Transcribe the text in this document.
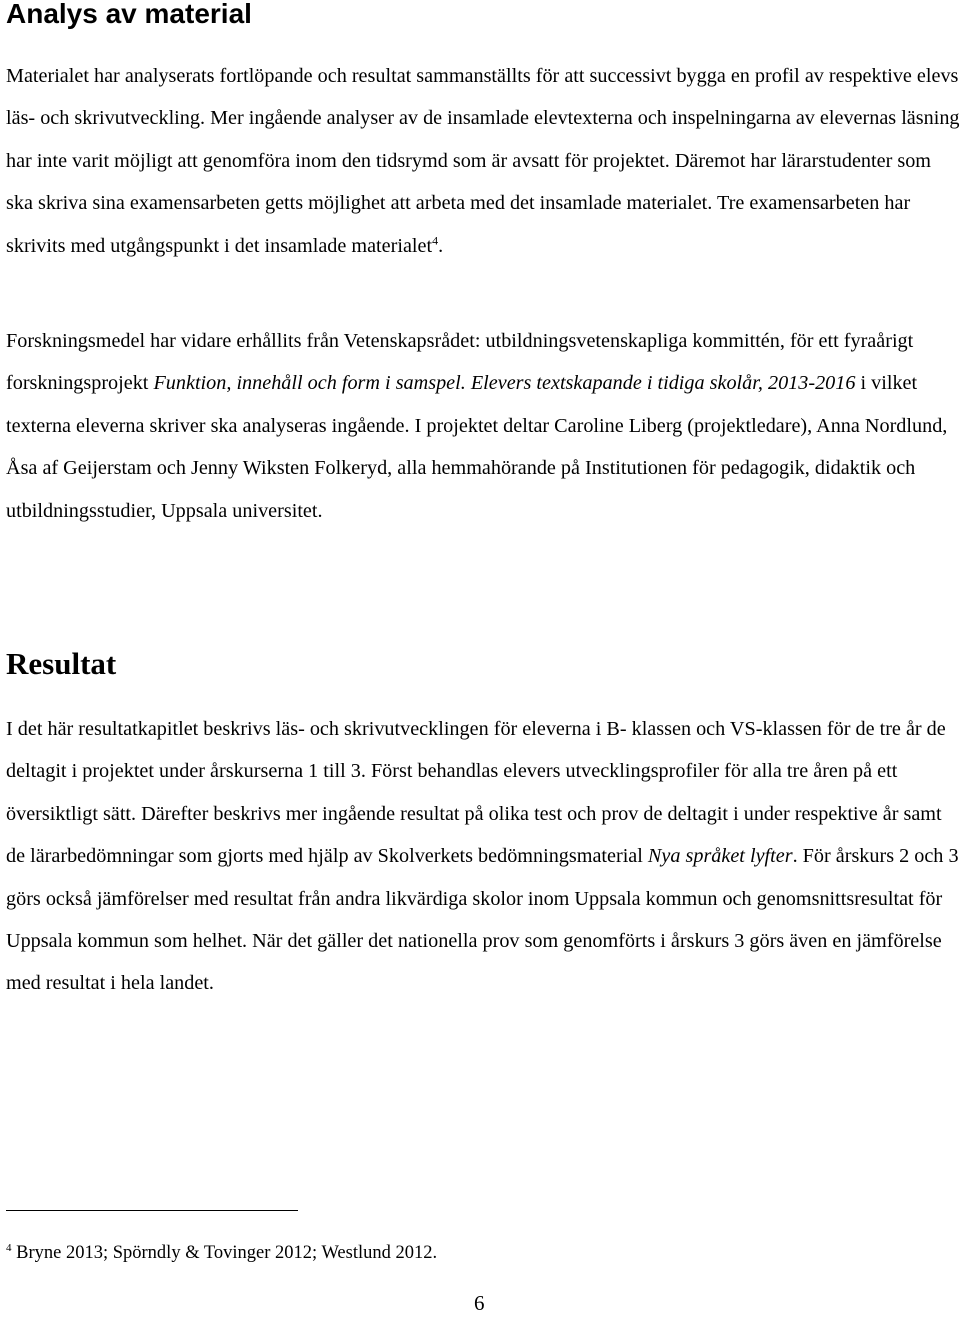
Analys av material

Materialet har analyserats fortlöpande och resultat sammanställts för att successivt bygga en profil av respektive elevs läs- och skrivutveckling. Mer ingående analyser av de insamlade elevtexterna och inspelningarna av elevernas läsning har inte varit möjligt att genomföra inom den tidsrymd som är avsatt för projektet. Däremot har lärarstudenter som ska skriva sina examensarbeten getts möjlighet att arbeta med det insamlade materialet. Tre examensarbeten har skrivits med utgångspunkt i det insamlade materialet$^4$.

Forskningsmedel har vidare erhållits från Vetenskapsrådet: utbildningsvetenskapliga kommittén, för ett fyraårigt forskningsprojekt Funktion, innehåll och form i samspel. Elevers textskapande i tidiga skolår, 2013-2016 i vilket texterna eleverna skriver ska analyseras ingående. I projektet deltar Caroline Liberg (projektledare), Anna Nordlund, Åsa af Geijerstam och Jenny Wiksten Folkeryd, alla hemmahörande på Institutionen för pedagogik, didaktik och utbildningsstudier, Uppsala universitet.

Resultat

I det här resultatkapitlet beskrivs läs- och skrivutvecklingen för eleverna i B- klassen och VS-klassen för de tre år de deltagit i projektet under årskurserna 1 till 3. Först behandlas elevers utvecklingsprofiler för alla tre åren på ett översiktligt sätt. Därefter beskrivs mer ingående resultat på olika test och prov de deltagit i under respektive år samt de lärarbedömningar som gjorts med hjälp av Skolverkets bedömningsmaterial Nya språket lyfter. För årskurs 2 och 3 görs också jämförelser med resultat från andra likvärdiga skolor inom Uppsala kommun och genomsnittsresultat för Uppsala kommun som helhet. När det gäller det nationella prov som genomförts i årskurs 3 görs även en jämförelse med resultat i hela landet.

$^4$ Bryne 2013; Spörndly & Tovinger 2012; Westlund 2012.
6
